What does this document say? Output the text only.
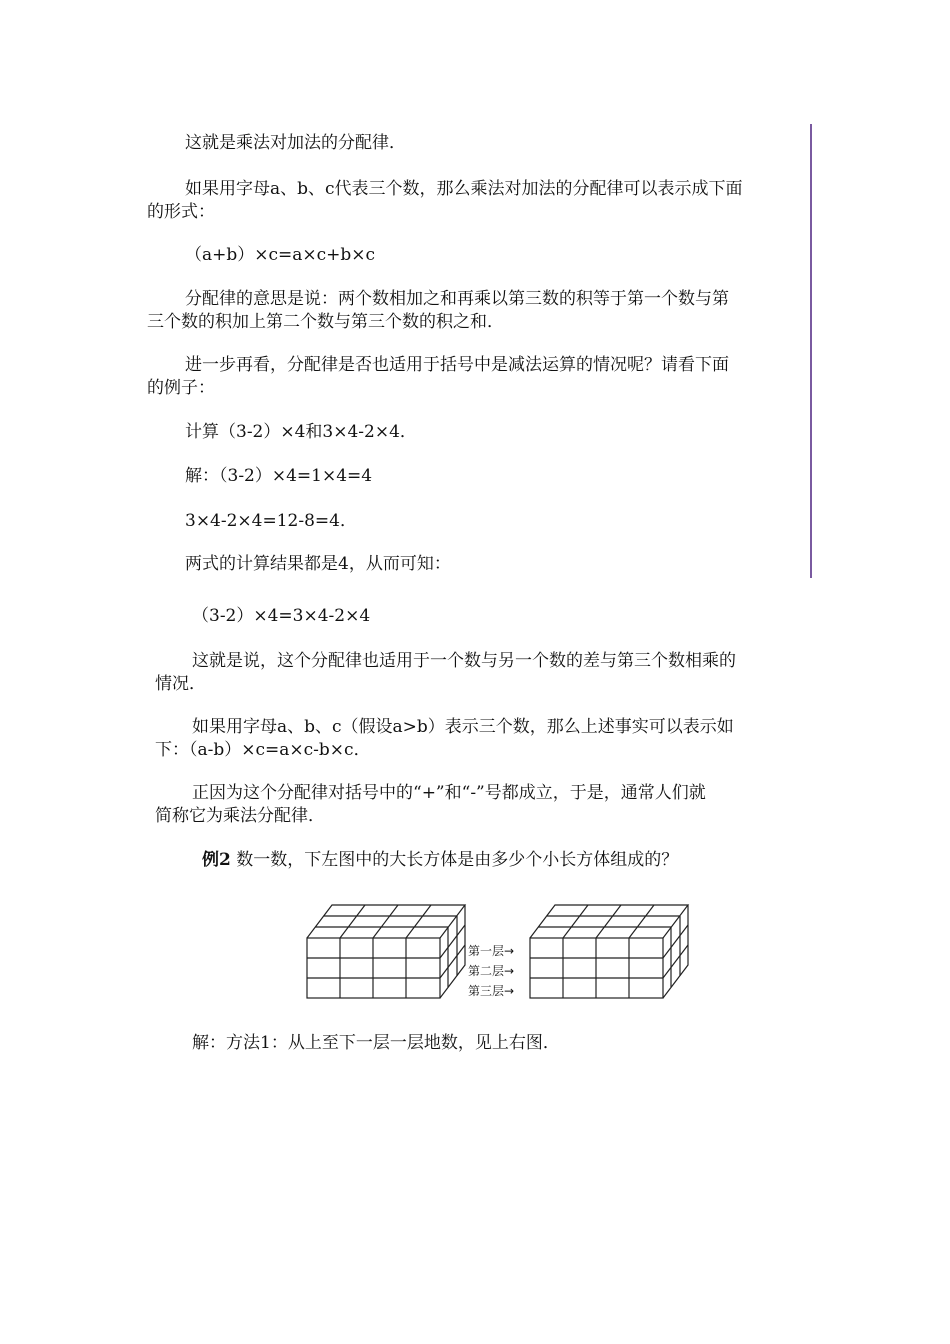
这就是乘法对加法的分配律．
如果用字母a、b、c代表三个数，那么乘法对加法的分配律可以表示成下面
的形式：
（a+b）×c=a×c+b×c
分配律的意思是说：两个数相加之和再乘以第三数的积等于第一个数与第
三个数的积加上第二个数与第三个数的积之和．
进一步再看，分配律是否也适用于括号中是减法运算的情况呢？请看下面
的例子：
计算（3-2）×4和3×4-2×4．
解：（3-2）×4=1×4=4
3×4-2×4=12-8=4．
两式的计算结果都是4，从而可知：
（3-2）×4=3×4-2×4
这就是说，这个分配律也适用于一个数与另一个数的差与第三个数相乘的
情况．
如果用字母a、b、c（假设a>b）表示三个数，那么上述事实可以表示如
下：（a-b）×c=a×c-b×c．
正因为这个分配律对括号中的“+”和“-”号都成立，于是，通常人们就
简称它为乘法分配律．
例2 数一数，下左图中的大长方体是由多少个小长方体组成的？
第一层→
第二层→
第三层→
解：方法1：从上至下一层一层地数，见上右图．
